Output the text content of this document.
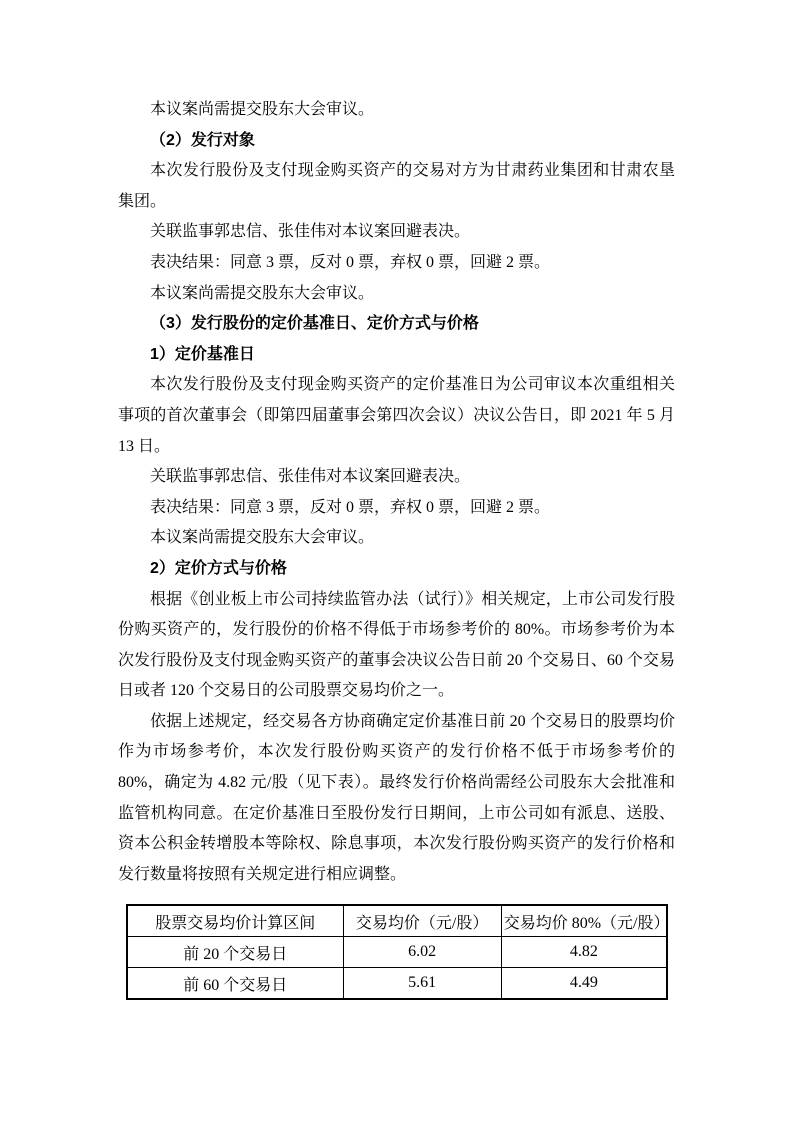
本议案尚需提交股东大会审议。

（2）发行对象

本次发行股份及支付现金购买资产的交易对方为甘肃药业集团和甘肃农垦集团。

关联监事郭忠信、张佳伟对本议案回避表决。

表决结果：同意 3 票，反对 0 票，弃权 0 票，回避 2 票。

本议案尚需提交股东大会审议。

（3）发行股份的定价基准日、定价方式与价格

1）定价基准日

本次发行股份及支付现金购买资产的定价基准日为公司审议本次重组相关事项的首次董事会（即第四届董事会第四次会议）决议公告日，即 2021 年 5 月 13 日。

关联监事郭忠信、张佳伟对本议案回避表决。

表决结果：同意 3 票，反对 0 票，弃权 0 票，回避 2 票。

本议案尚需提交股东大会审议。

2）定价方式与价格

根据《创业板上市公司持续监管办法（试行）》相关规定，上市公司发行股份购买资产的，发行股份的价格不得低于市场参考价的 80%。市场参考价为本次发行股份及支付现金购买资产的董事会决议公告日前 20 个交易日、60 个交易日或者 120 个交易日的公司股票交易均价之一。

依据上述规定，经交易各方协商确定定价基准日前 20 个交易日的股票均价作为市场参考价，本次发行股份购买资产的发行价格不低于市场参考价的 80%，确定为 4.82 元/股（见下表）。最终发行价格尚需经公司股东大会批准和监管机构同意。在定价基准日至股份发行日期间，上市公司如有派息、送股、资本公积金转增股本等除权、除息事项，本次发行股份购买资产的发行价格和发行数量将按照有关规定进行相应调整。

股票交易均价计算区间	交易均价（元/股）	交易均价 80%（元/股）
前 20 个交易日	6.02	4.82
前 60 个交易日	5.61	4.49
